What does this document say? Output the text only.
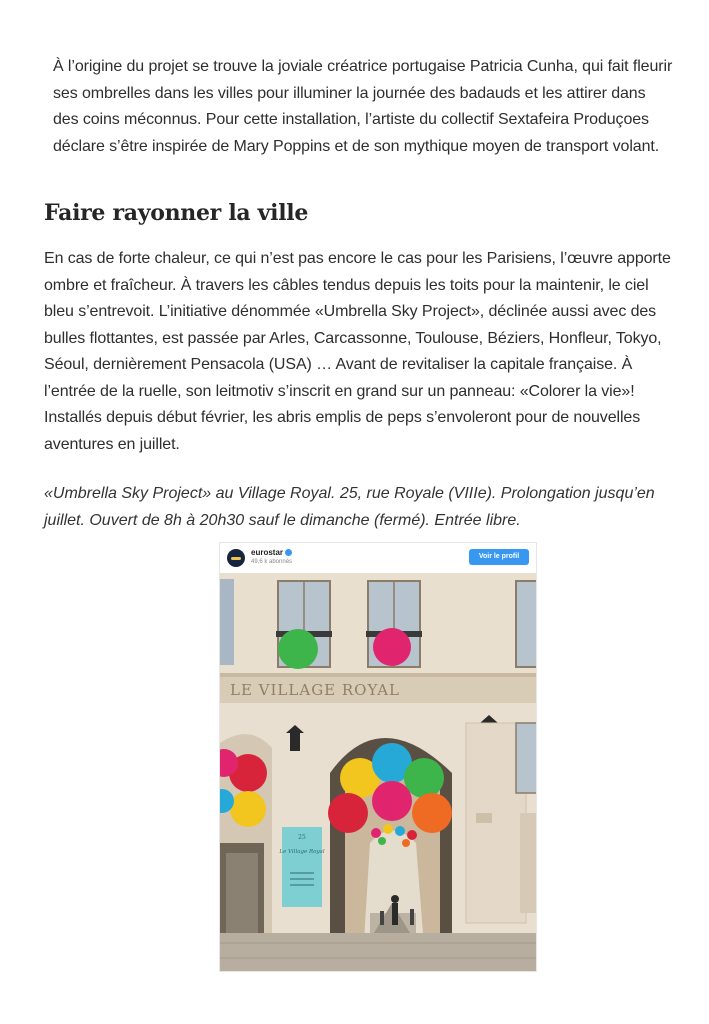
À l’origine du projet se trouve la joviale créatrice portugaise Patricia Cunha, qui fait fleurir ses ombrelles dans les villes pour illuminer la journée des badauds et les attirer dans des coins méconnus. Pour cette installation, l’artiste du collectif Sextafeira Produçoes déclare s’être inspirée de Mary Poppins et de son mythique moyen de transport volant.

Faire rayonner la ville

En cas de forte chaleur, ce qui n’est pas encore le cas pour les Parisiens, l’œuvre apporte ombre et fraîcheur. À travers les câbles tendus depuis les toits pour la maintenir, le ciel bleu s’entrevoit. L’initiative dénommée «Umbrella Sky Project», déclinée aussi avec des bulles flottantes, est passée par Arles, Carcassonne, Toulouse, Béziers, Honfleur, Tokyo, Séoul, dernièrement Pensacola (USA) … Avant de revitaliser la capitale française. À l’entrée de la ruelle, son leitmotiv s’inscrit en grand sur un panneau: «Colorer la vie»! Installés depuis début février, les abris emplis de peps s’envoleront pour de nouvelles aventures en juillet.

«Umbrella Sky Project» au Village Royal. 25, rue Royale (VIIIe). Prolongation jusqu’en juillet. Ouvert de 8h à 20h30 sauf le dimanche (fermé). Entrée libre.

eurostar
49,6 k abonnés
Voir le profil
LE VILLAGE ROYAL
25
Le Village Royal
